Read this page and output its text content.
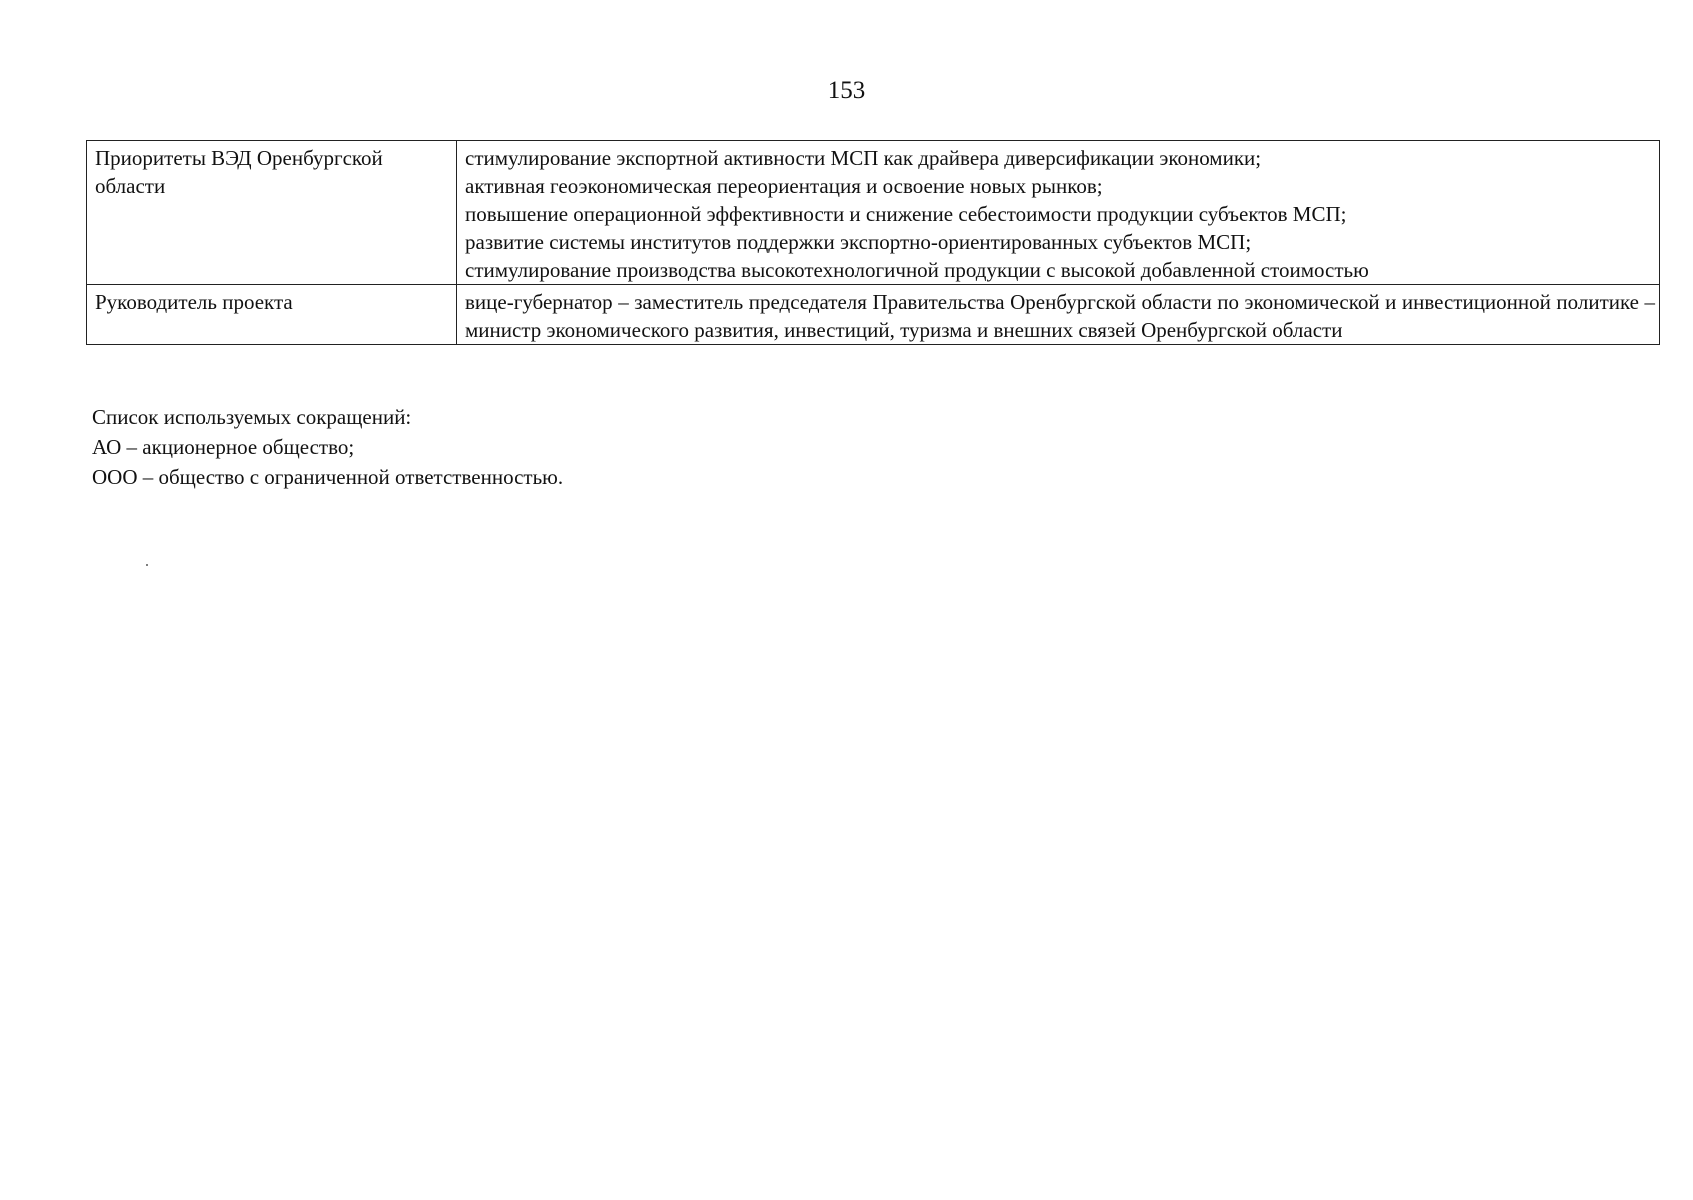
153
Приоритеты ВЭД Оренбургской области	стимулирование экспортной активности МСП как драйвера диверсификации экономики;
активная геоэкономическая переориентация и освоение новых рынков;
повышение операционной эффективности и снижение себестоимости продукции субъектов МСП;
развитие системы институтов поддержки экспортно-ориентированных субъектов МСП;
стимулирование производства высокотехнологичной продукции с высокой добавленной стоимостью

Руководитель проекта	вице-губернатор – заместитель председателя Правительства Оренбургской области по экономической и инвестиционной политике – министр экономического развития, инвестиций, туризма и внешних связей Оренбургской области
Список используемых сокращений:
АО – акционерное общество;
ООО – общество с ограниченной ответственностью.
